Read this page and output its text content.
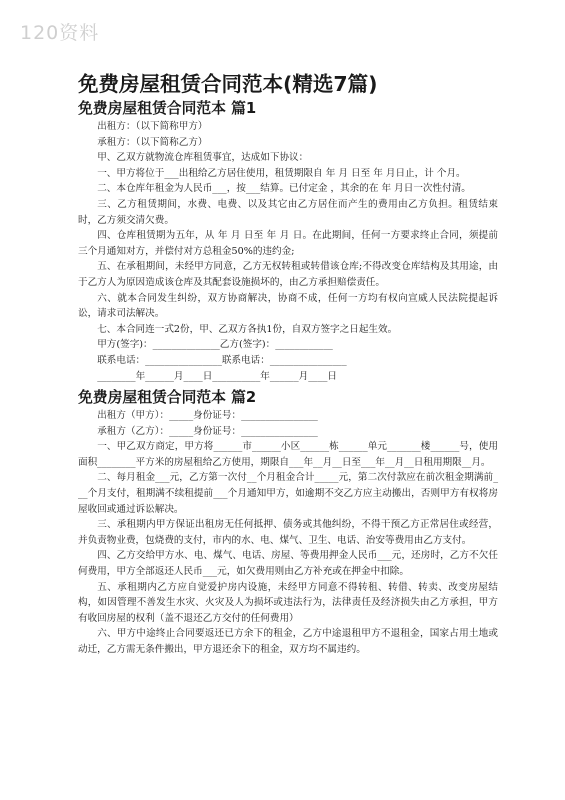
120资料
免费房屋租赁合同范本(精选7篇)
免费房屋租赁合同范本 篇1

出租方：（以下简称甲方）

承租方：（以下简称乙方）

甲、乙双方就物流仓库租赁事宜，达成如下协议：

一、甲方将位于___出租给乙方居住使用，租赁期限自 年 月 日至 年 月日止，计 个月。

二、本仓库年租金为人民币___，按___结算。已付定金 ，其余的在 年 月日一次性付清。

三、乙方租赁期间，水费、电费、以及其它由乙方居住而产生的费用由乙方负担。租赁结束时，乙方须交清欠费。

四、仓库租赁期为五年，从 年 月 日至 年 月 日。在此期间，任何一方要求终止合同，须提前三个月通知对方，并偿付对方总租金50%的违约金;

五、在承租期间，未经甲方同意，乙方无权转租或转借该仓库;不得改变仓库结构及其用途，由于乙方人为原因造成该仓库及其配套设施损坏的，由乙方承担赔偿责任。

六、就本合同发生纠纷，双方协商解决，协商不成，任何一方均有权向宣威人民法院提起诉讼，请求司法解决。

七、本合同连一式2份，甲、乙双方各执1份，自双方签字之日起生效。

甲方(签字)：______________乙方(签字)：____________

联系电话：________________联系电话：________________

________年______月____日__________年______月____日

免费房屋租赁合同范本 篇2

出租方（甲方）：_____身份证号：________________

承租方（乙方）：_____身份证号：________________

一、甲乙双方商定，甲方将______市______小区______栋______单元_______楼______号，使用面积________平方米的房屋租给乙方使用，期限自___年__月__日至___年__月__日租用期限__月。

二、每月租金___元，乙方第一次付__个月租金合计_____元，第二次付款应在前次租金期满前___个月支付，租期满不续租提前___个月通知甲方，如逾期不交乙方应主动搬出，否则甲方有权将房屋收回或通过诉讼解决。

三、承租期内甲方保证出租房无任何抵押、债务或其他纠纷，不得干预乙方正常居住或经营，并负责物业费，包烧费的支付，市内的水、电、煤气、卫生、电话、治安等费用由乙方支付。

四、乙方交给甲方水、电、煤气、电话、房屋、等费用押金人民币___元，还房时，乙方不欠任何费用，甲方全部返还人民币___元，如欠费用则由乙方补充或在押金中扣除。

五、承租期内乙方应自觉爱护房内设施，未经甲方同意不得转租、转借、转卖、改变房屋结构，如因管理不善发生水灾、火灾及人为损坏或违法行为，法律责任及经济损失由乙方承担，甲方有收回房屋的权利（盖不退还乙方交付的任何费用）

六、甲方中途终止合同要返还已方余下的租金，乙方中途退租甲方不退租金，国家占用土地或动迁，乙方需无条件搬出，甲方退还余下的租金，双方均不属违约。
